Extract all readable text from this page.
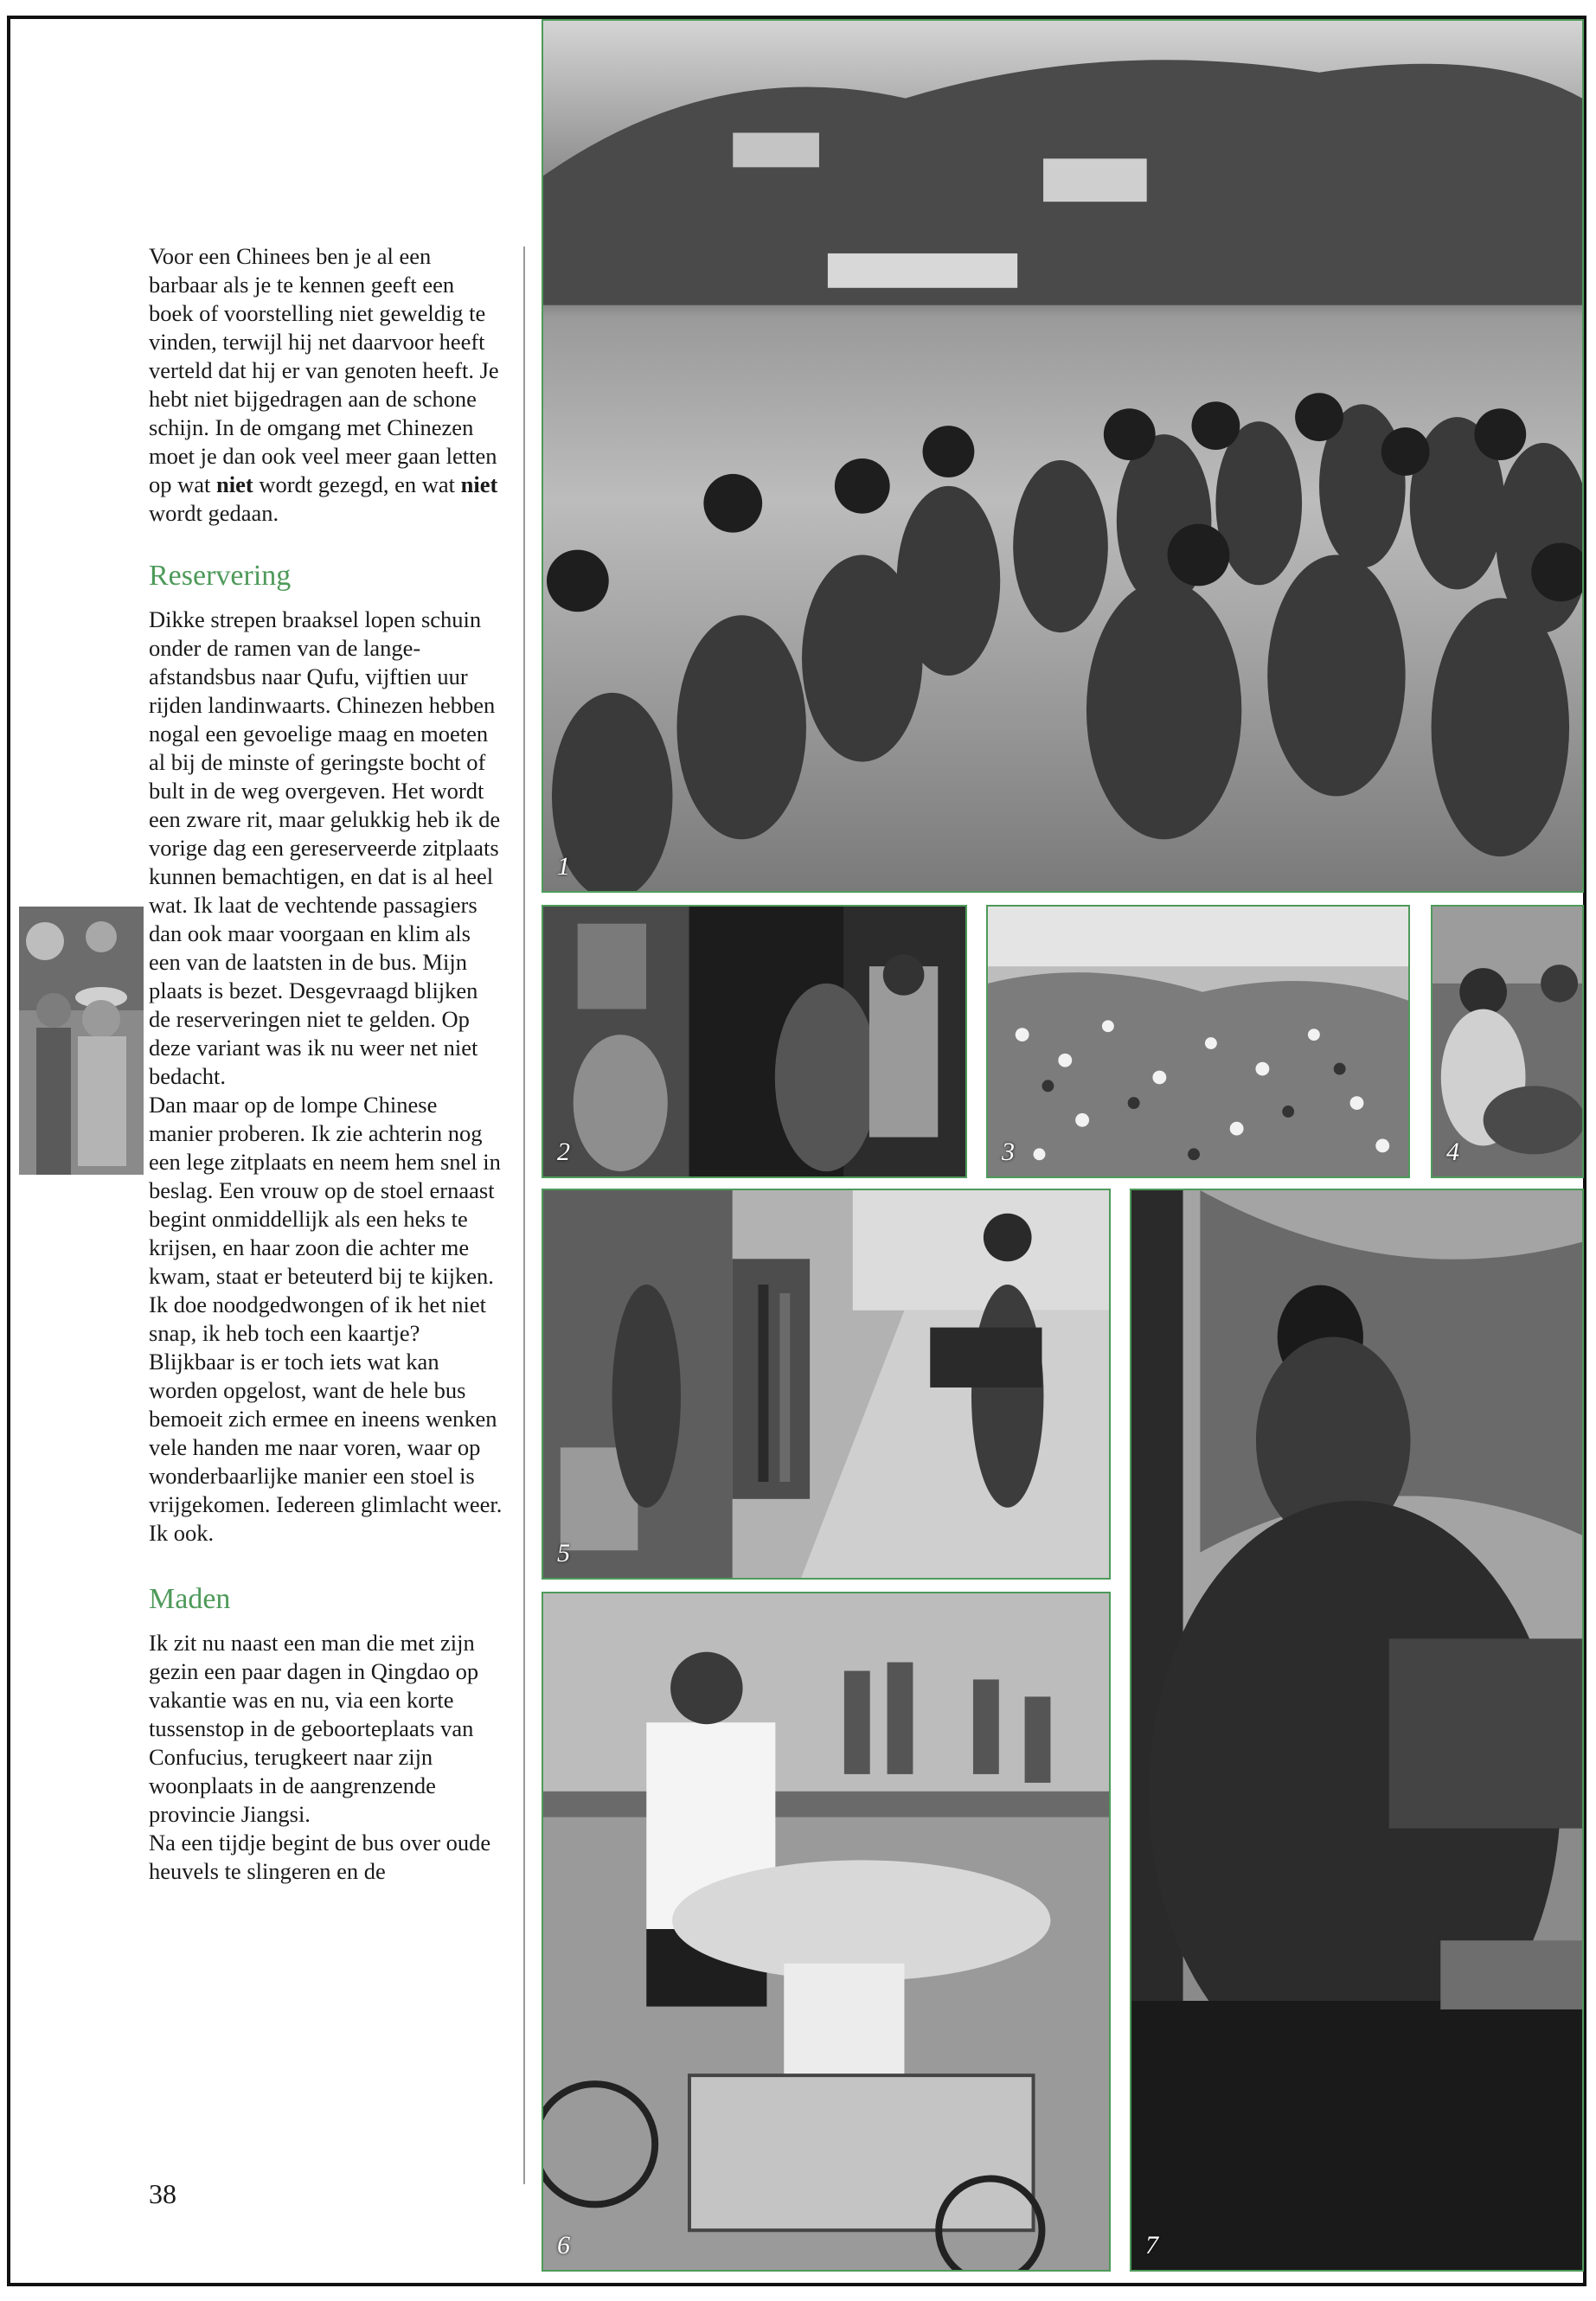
Voor een Chinees ben je al een barbaar als je te kennen geeft een boek of voorstelling niet geweldig te vinden, terwijl hij net daarvoor heeft verteld dat hij er van genoten heeft. Je hebt niet bijgedragen aan de schone schijn. In de omgang met Chinezen moet je dan ook veel meer gaan letten op wat niet wordt gezegd, en wat niet wordt gedaan.

Reservering

Dikke strepen braaksel lopen schuin onder de ramen van de lange-afstandsbus naar Qufu, vijftien uur rijden landinwaarts. Chinezen hebben nogal een gevoelige maag en moeten al bij de minste of geringste bocht of bult in de weg overgeven. Het wordt een zware rit, maar gelukkig heb ik de vorige dag een gereserveerde zitplaats kunnen bemachtigen, en dat is al heel wat. Ik laat de vechtende passagiers dan ook maar voorgaan en klim als een van de laatsten in de bus. Mijn plaats is bezet. Desgevraagd blijken de reserveringen niet te gelden. Op deze variant was ik nu weer net niet bedacht.

Dan maar op de lompe Chinese manier proberen. Ik zie achterin nog een lege zitplaats en neem hem snel in beslag. Een vrouw op de stoel ernaast begint onmiddellijk als een heks te krijsen, en haar zoon die achter me kwam, staat er beteuterd bij te kijken. Ik doe noodgedwongen of ik het niet snap, ik heb toch een kaartje? Blijkbaar is er toch iets wat kan worden opgelost, want de hele bus bemoeit zich ermee en ineens wenken vele handen me naar voren, waar op wonderbaarlijke manier een stoel is vrijgekomen. Iedereen glimlacht weer. Ik ook.

Maden

Ik zit nu naast een man die met zijn gezin een paar dagen in Qingdao op vakantie was en nu, via een korte tussenstop in de geboorteplaats van Confucius, terugkeert naar zijn woonplaats in de aangrenzende provincie Jiangsi.

Na een tijdje begint de bus over oude heuvels te slingeren en de

38
1
2	3	4
5
6	7
